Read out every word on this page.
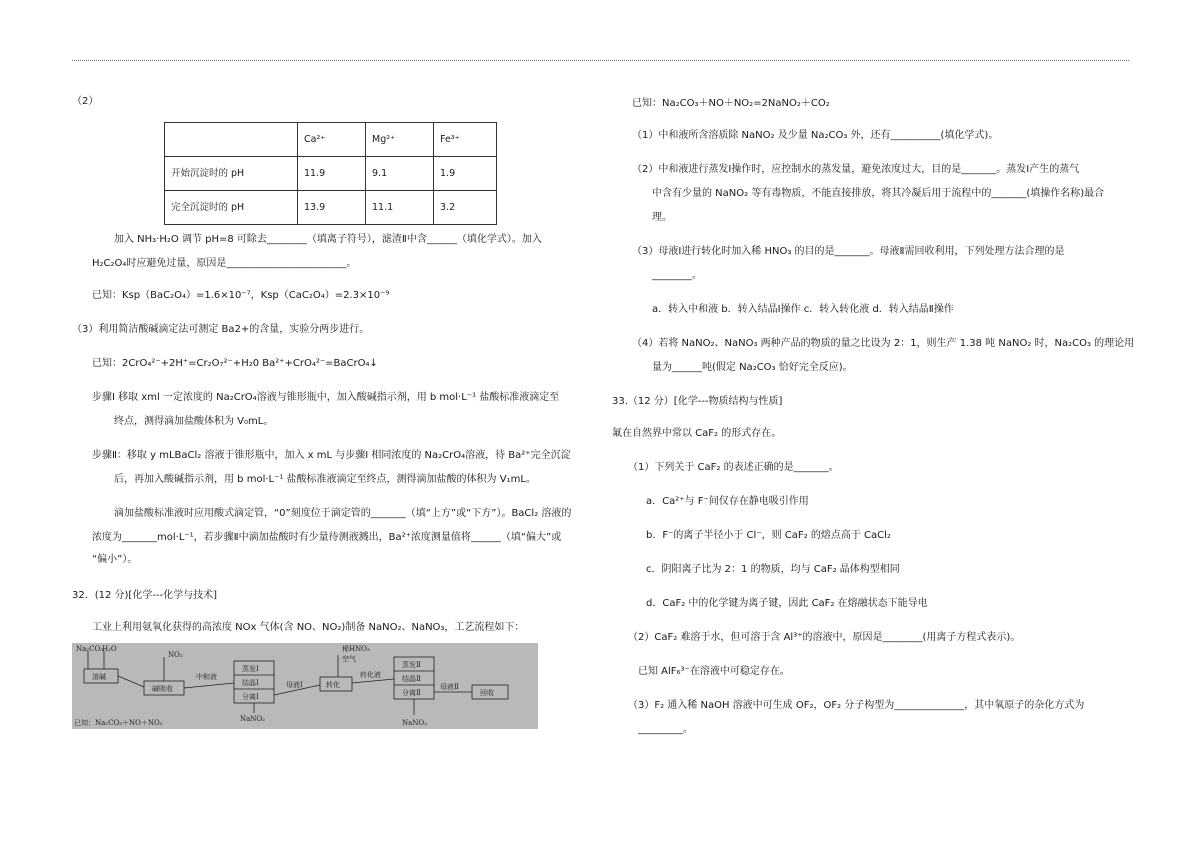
（2）
	Ca²⁺	Mg²⁺	Fe³⁺
开始沉淀时的 pH	11.9	9.1	1.9
完全沉淀时的 pH	13.9	11.1	3.2
加入 NH₃·H₂O 调节 pH=8 可除去________（填离子符号），滤渣Ⅱ中含______（填化学式）。加入
H₂C₂O₄时应避免过量，原因是________________________。
已知：Ksp（BaC₂O₄）=1.6×10⁻⁷，Ksp（CaC₂O₄）=2.3×10⁻⁹
（3）利用简洁酸碱滴定法可测定 Ba2+的含量，实验分两步进行。
已知：2CrO₄²⁻+2H⁺=Cr₂O₇²⁻+H₂0 Ba²⁺+CrO₄²⁻=BaCrO₄↓
步骤Ⅰ 移取 xml 一定浓度的 Na₂CrO₄溶液与锥形瓶中，加入酸碱指示剂，用 b mol·L⁻¹ 盐酸标准液滴定至
终点，测得滴加盐酸体积为 V₀mL。
步骤Ⅱ：移取 y mLBaCl₂ 溶液于锥形瓶中，加入 x mL 与步骤Ⅰ 相同浓度的 Na₂CrO₄溶液，待 Ba²⁺完全沉淀
后，再加入酸碱指示剂，用 b mol·L⁻¹ 盐酸标准液滴定至终点，测得滴加盐酸的体积为 V₁mL。
滴加盐酸标准液时应用酸式滴定管，“0”刻度位于滴定管的_______（填“上方”或“下方”）。BaCl₂ 溶液的
浓度为_______mol·L⁻¹，若步骤Ⅱ中滴加盐酸时有少量待测液溅出，Ba²⁺浓度测量值将______（填“偏大”或
“偏小”）。
32．(12 分)[化学---化学与技术]
工业上利用氨氧化获得的高浓度 NOx 气体(含 NO、NO₂)制备 NaNO₂、NaNO₃，工艺流程如下：
Na₂CO₃
H₂O
溶碱
NO₂
碱吸收
中和液
蒸发Ⅰ
结晶Ⅰ
分离Ⅰ
母液Ⅰ
NaNO₂
稀HNO₃
空气
转化
转化液
蒸发Ⅱ
结晶Ⅱ
分离Ⅱ
母液Ⅱ
回收
NaNO₃
已知：Na₂CO₃＋NO＋NO₂
已知：Na₂CO₃＋NO＋NO₂=2NaNO₂＋CO₂
（1）中和液所含溶质除 NaNO₂ 及少量 Na₂CO₃ 外，还有__________(填化学式)。
（2）中和液进行蒸发Ⅰ操作时，应控制水的蒸发量，避免浓度过大，目的是_______。蒸发Ⅰ产生的蒸气
中含有少量的 NaNO₂ 等有毒物质，不能直接排放，将其冷凝后用于流程中的_______(填操作名称)最合
理。
（3）母液Ⅰ进行转化时加入稀 HNO₃ 的目的是_______。母液Ⅱ需回收利用，下列处理方法合理的是
________。
a．转入中和液 b．转入结晶Ⅰ操作 c．转入转化液 d．转入结晶Ⅱ操作
（4）若将 NaNO₂、NaNO₃ 两种产品的物质的量之比设为 2：1，则生产 1.38 吨 NaNO₂ 时，Na₂CO₃ 的理论用
量为______吨(假定 Na₂CO₃ 恰好完全反应)。
33.（12 分）[化学---物质结构与性质]
氟在自然界中常以 CaF₂ 的形式存在。
（1）下列关于 CaF₂ 的表述正确的是_______。
a．Ca²⁺与 F⁻间仅存在静电吸引作用
b．F⁻的离子半径小于 Cl⁻，则 CaF₂ 的熔点高于 CaCl₂
c．阴阳离子比为 2：1 的物质，均与 CaF₂ 晶体构型相同
d．CaF₂ 中的化学键为离子键，因此 CaF₂ 在熔融状态下能导电
（2）CaF₂ 难溶于水，但可溶于含 Al³⁺的溶液中，原因是________(用离子方程式表示)。
已知 AlF₆³⁻在溶液中可稳定存在。
（3）F₂ 通入稀 NaOH 溶液中可生成 OF₂，OF₂ 分子构型为______________，其中氧原子的杂化方式为
_________。
